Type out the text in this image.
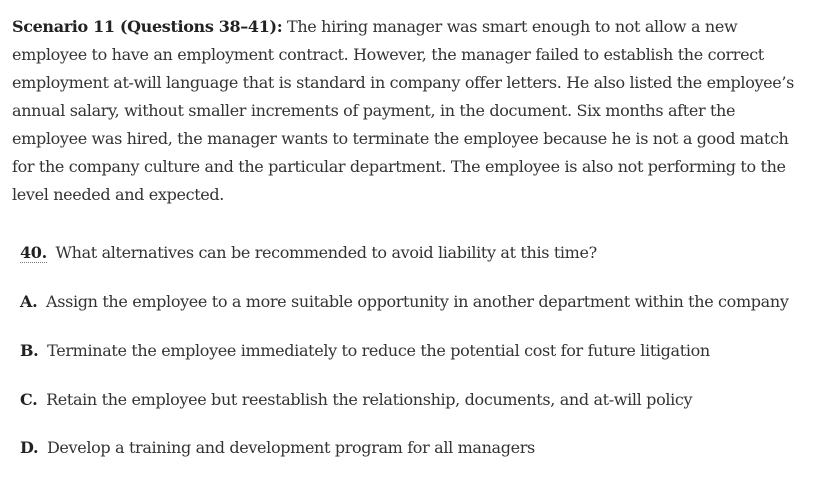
Scenario 11 (Questions 38–41): The hiring manager was smart enough to not allow a new employee to have an employment contract. However, the manager failed to establish the correct employment at-will language that is standard in company offer letters. He also listed the employee’s annual salary, without smaller increments of payment, in the document. Six months after the employee was hired, the manager wants to terminate the employee because he is not a good match for the company culture and the particular department. The employee is also not performing to the level needed and expected.
40. What alternatives can be recommended to avoid liability at this time?
A. Assign the employee to a more suitable opportunity in another department within the company
B. Terminate the employee immediately to reduce the potential cost for future litigation
C. Retain the employee but reestablish the relationship, documents, and at-will policy
D. Develop a training and development program for all managers
